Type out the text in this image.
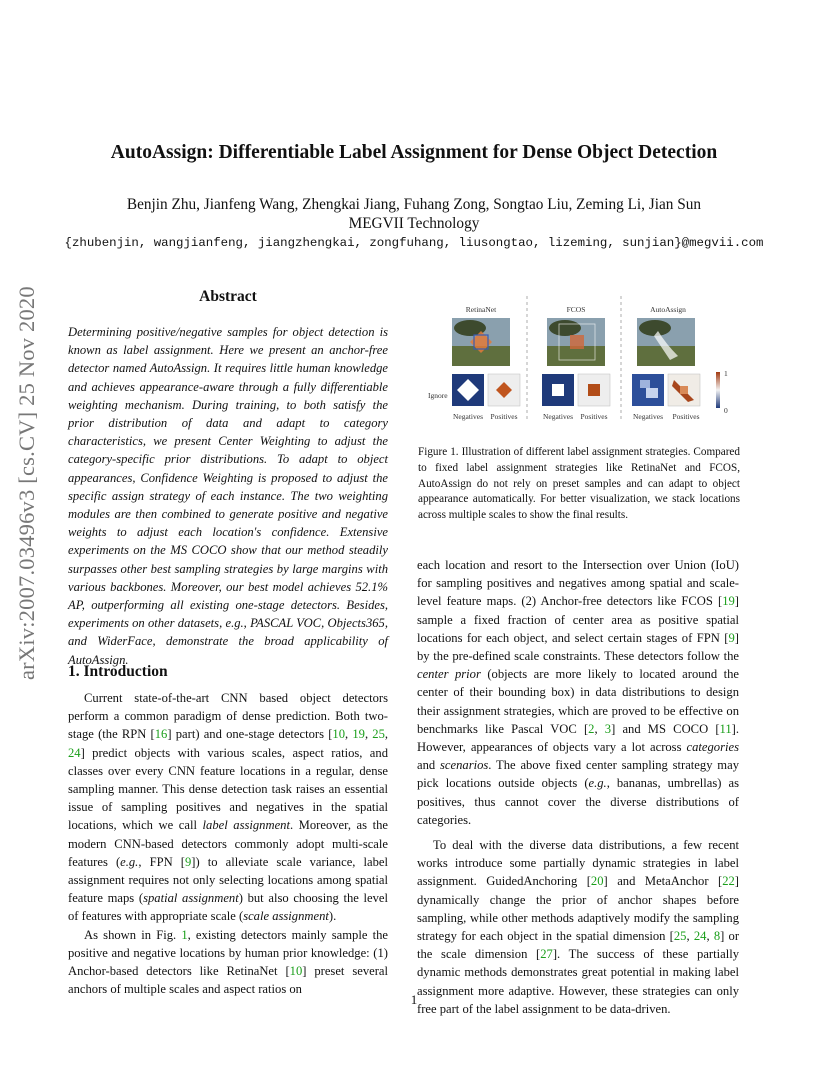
AutoAssign: Differentiable Label Assignment for Dense Object Detection
Benjin Zhu, Jianfeng Wang, Zhengkai Jiang, Fuhang Zong, Songtao Liu, Zeming Li, Jian Sun
MEGVII Technology
{zhubenjin, wangjianfeng, jiangzhengkai, zongfuhang, liusongtao, lizeming, sunjian}@megvii.com
arXiv:2007.03496v3 [cs.CV] 25 Nov 2020	Abstract
Determining positive/negative samples for object detection is known as label assignment. Here we present an anchor-free detector named AutoAssign. It requires little human knowledge and achieves appearance-aware through a fully differentiable weighting mechanism. During training, to both satisfy the prior distribution of data and adapt to category characteristics, we present Center Weighting to adjust the category-specific prior distributions. To adapt to object appearances, Confidence Weighting is proposed to adjust the specific assign strategy of each instance. The two weighting modules are then combined to generate positive and negative weights to adjust each location's confidence. Extensive experiments on the MS COCO show that our method steadily surpasses other best sampling strategies by large margins with various backbones. Moreover, our best model achieves 52.1% AP, outperforming all existing one-stage detectors. Besides, experiments on other datasets, e.g., PASCAL VOC, Objects365, and WiderFace, demonstrate the broad applicability of AutoAssign.
1. Introduction

Current state-of-the-art CNN based object detectors perform a common paradigm of dense prediction. Both two-stage (the RPN [16] part) and one-stage detectors [10, 19, 25, 24] predict objects with various scales, aspect ratios, and classes over every CNN feature locations in a regular, dense sampling manner. This dense detection task raises an essential issue of sampling positives and negatives in the spatial locations, which we call label assignment. Moreover, as the modern CNN-based detectors commonly adopt multi-scale features (e.g., FPN [9]) to alleviate scale variance, label assignment requires not only selecting locations among spatial feature maps (spatial assignment) but also choosing the level of features with appropriate scale (scale assignment).

As shown in Fig. 1, existing detectors mainly sample the positive and negative locations by human prior knowledge: (1) Anchor-based detectors like RetinaNet [10] preset several anchors of multiple scales and aspect ratios on

RetinaNet	FCOS	AutoAssign
Ignore
1
0
Negatives Positives	Negatives Positives	Negatives Positives
Figure 1. Illustration of different label assignment strategies. Compared to fixed label assignment strategies like RetinaNet and FCOS, AutoAssign do not rely on preset samples and can adapt to object appearance automatically. For better visualization, we stack locations across multiple scales to show the final results.

each location and resort to the Intersection over Union (IoU) for sampling positives and negatives among spatial and scale-level feature maps. (2) Anchor-free detectors like FCOS [19] sample a fixed fraction of center area as positive spatial locations for each object, and select certain stages of FPN [9] by the pre-defined scale constraints. These detectors follow the center prior (objects are more likely to located around the center of their bounding box) in data distributions to design their assignment strategies, which are proved to be effective on benchmarks like Pascal VOC [2, 3] and MS COCO [11]. However, appearances of objects vary a lot across categories and scenarios. The above fixed center sampling strategy may pick locations outside objects (e.g., bananas, umbrellas) as positives, thus cannot cover the diverse distributions of categories.

To deal with the diverse data distributions, a few recent works introduce some partially dynamic strategies in label assignment. GuidedAnchoring [20] and MetaAnchor [22] dynamically change the prior of anchor shapes before sampling, while other methods adaptively modify the sampling strategy for each object in the spatial dimension [25, 24, 8] or the scale dimension [27]. The success of these partially dynamic methods demonstrates great potential in making label assignment more adaptive. However, these strategies can only free part of the label assignment to be data-driven.

1
